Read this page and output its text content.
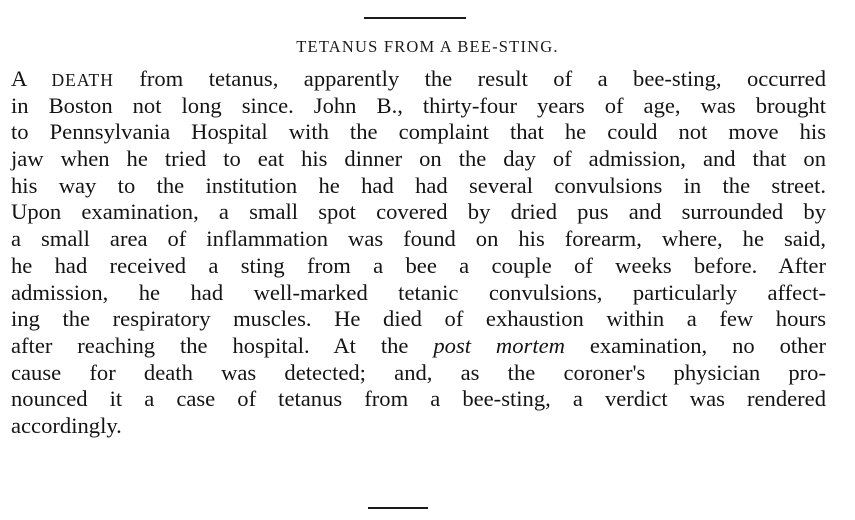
TETANUS FROM A BEE-STING.
A DEATH from tetanus, apparently the result of a bee-sting, occurred
in Boston not long since. John B., thirty-four years of age, was brought
to Pennsylvania Hospital with the complaint that he could not move his
jaw when he tried to eat his dinner on the day of admission, and that on
his way to the institution he had had several convulsions in the street.
Upon examination, a small spot covered by dried pus and surrounded by
a small area of inflammation was found on his forearm, where, he said,
he had received a sting from a bee a couple of weeks before. After
admission, he had well-marked tetanic convulsions, particularly affect-
ing the respiratory muscles. He died of exhaustion within a few hours
after reaching the hospital. At the post mortem examination, no other
cause for death was detected; and, as the coroner's physician pro-
nounced it a case of tetanus from a bee-sting, a verdict was rendered
accordingly.
